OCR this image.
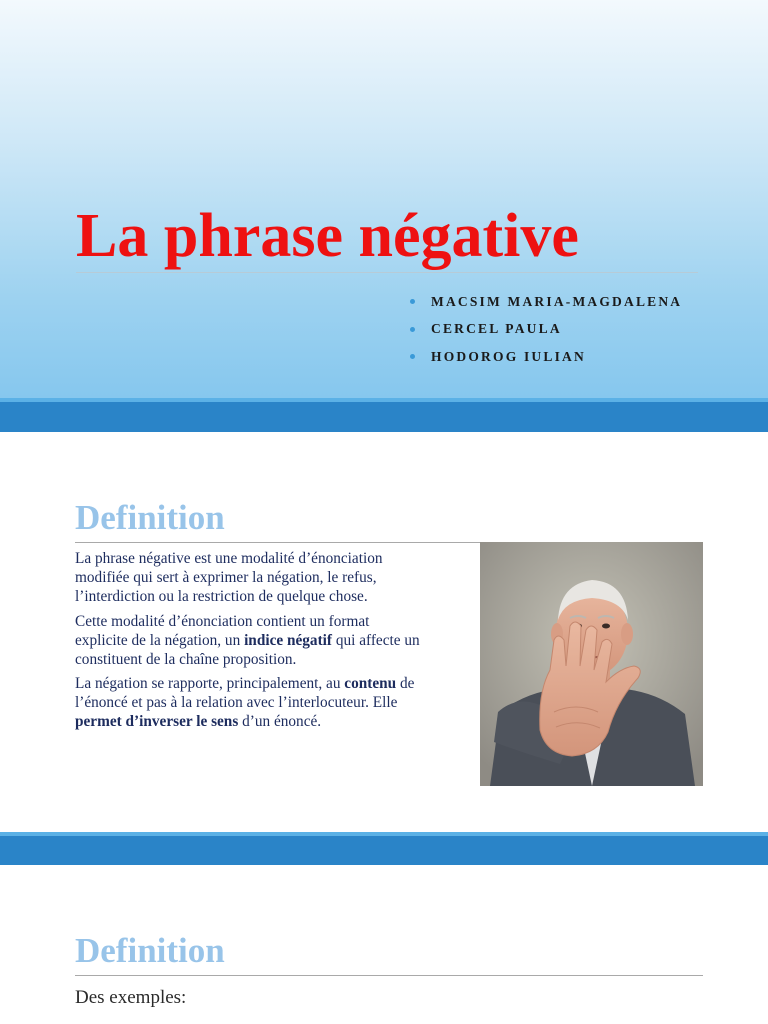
La phrase négative
MACSIM MARIA-MAGDALENA
CERCEL PAULA
HODOROG IULIAN
Definition

La phrase négative est une modalité d’énonciation modifiée qui sert à exprimer la négation, le refus, l’interdiction ou la restriction de quelque chose.

Cette modalité d’énonciation contient un format explicite de la négation, un indice négatif qui affecte un constituent de la chaîne proposition.

La négation se rapporte, principalement, au contenu de l’énoncé et pas à la relation avec l’interlocuteur. Elle permet d’inverser le sens d’un énoncé.

Definition

Des exemples:
